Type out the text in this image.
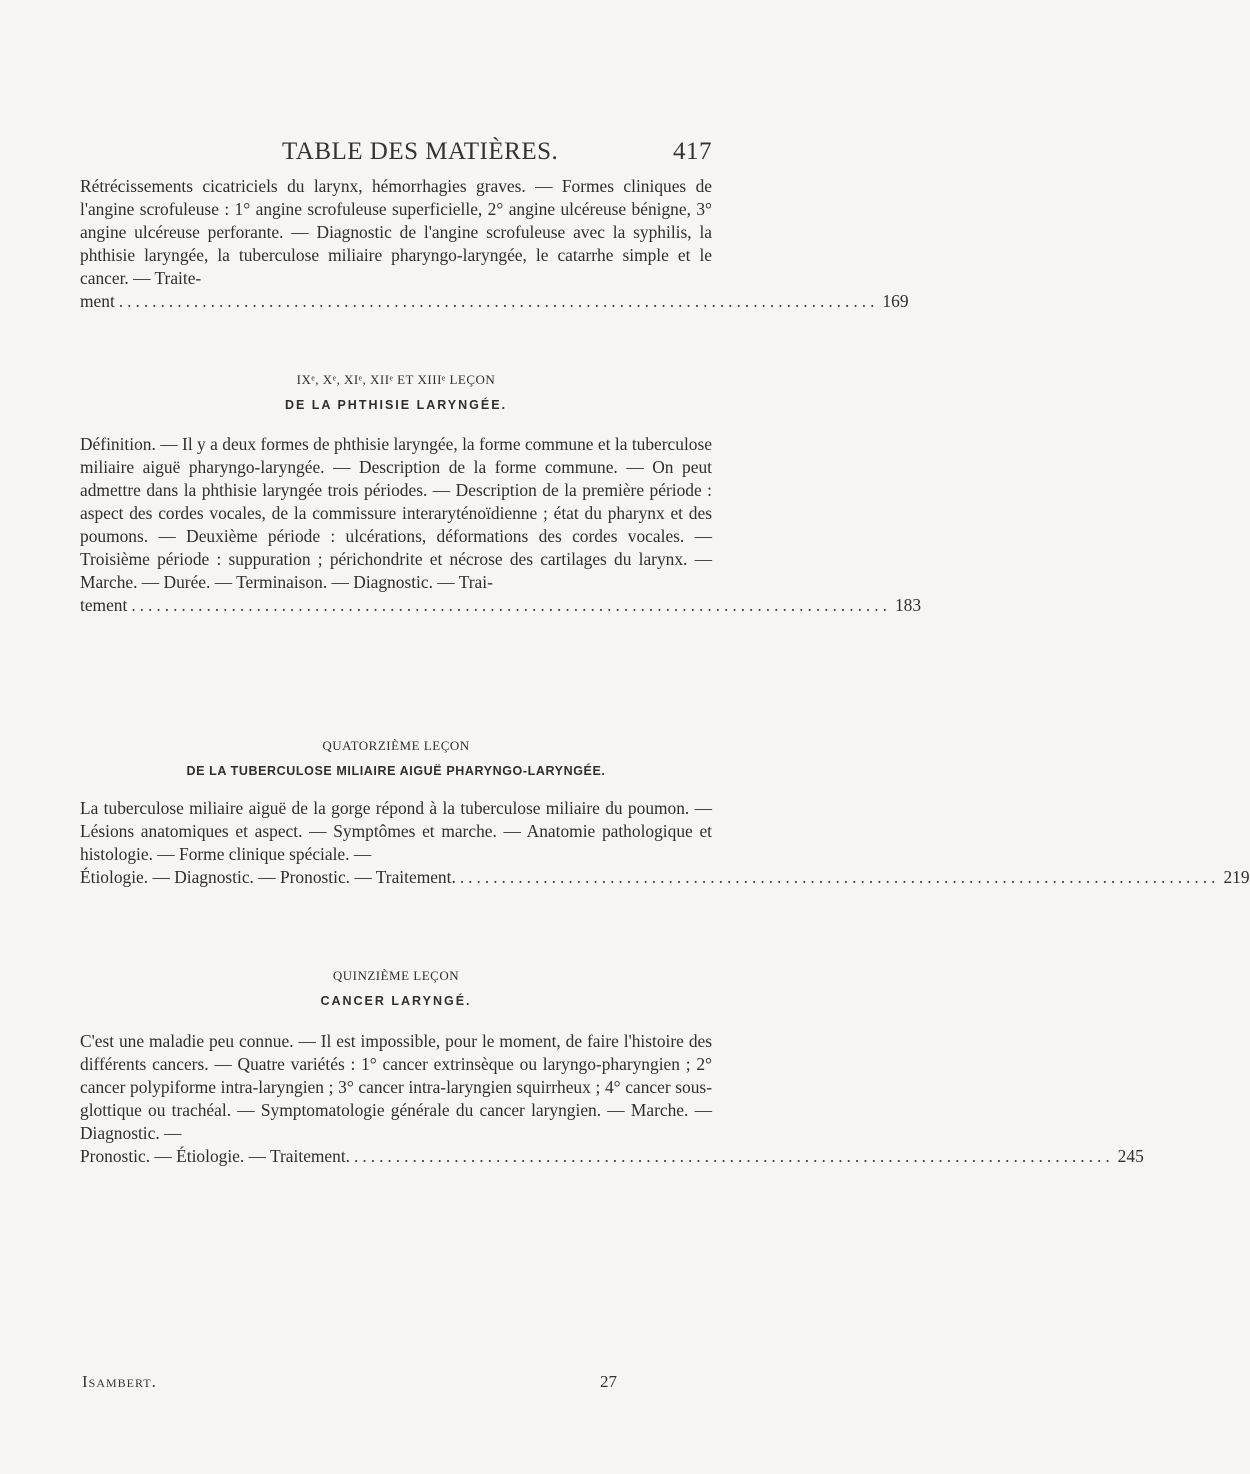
TABLE DES MATIÈRES.	417

Rétrécissements cicatriciels du larynx, hémorrhagies graves. — Formes cliniques de l'angine scrofuleuse : 1° angine scrofuleuse superficielle, 2° angine ulcéreuse bénigne, 3° angine ulcéreuse perforante. — Diagnostic de l'angine scrofuleuse avec la syphilis, la phthisie laryngée, la tuberculose miliaire pharyngo-laryngée, le catarrhe simple et le cancer. — Traite-

ment ........................................................................................... 169
IXᵉ, Xᵉ, XIᵉ, XIIᵉ ET XIIIᵉ LEÇON
DE LA PHTHISIE LARYNGÉE.

Définition. — Il y a deux formes de phthisie laryngée, la forme commune et la tuberculose miliaire aiguë pharyngo-laryngée. — Description de la forme commune. — On peut admettre dans la phthisie laryngée trois périodes. — Description de la première période : aspect des cordes vocales, de la commissure interaryténoïdienne ; état du pharynx et des poumons. — Deuxième période : ulcérations, déformations des cordes vocales. — Troisième période : suppuration ; périchondrite et nécrose des cartilages du larynx. — Marche. — Durée. — Terminaison. — Diagnostic. — Trai-

tement ........................................................................................... 183
QUATORZIÈME LEÇON
DE LA TUBERCULOSE MILIAIRE AIGUË PHARYNGO-LARYNGÉE.

La tuberculose miliaire aiguë de la gorge répond à la tuberculose miliaire du poumon. — Lésions anatomiques et aspect. — Symptômes et marche. — Anatomie pathologique et histologie. — Forme clinique spéciale. —

Étiologie. — Diagnostic. — Pronostic. — Traitement. ........................................................................................... 219
QUINZIÈME LEÇON
CANCER LARYNGÉ.

C'est une maladie peu connue. — Il est impossible, pour le moment, de faire l'histoire des différents cancers. — Quatre variétés : 1° cancer extrinsèque ou laryngo-pharyngien ; 2° cancer polypiforme intra-laryngien ; 3° cancer intra-laryngien squirrheux ; 4° cancer sous-glottique ou trachéal. — Symptomatologie générale du cancer laryngien. — Marche. — Diagnostic. —

Pronostic. — Étiologie. — Traitement. ........................................................................................... 245
Isambert.	27
